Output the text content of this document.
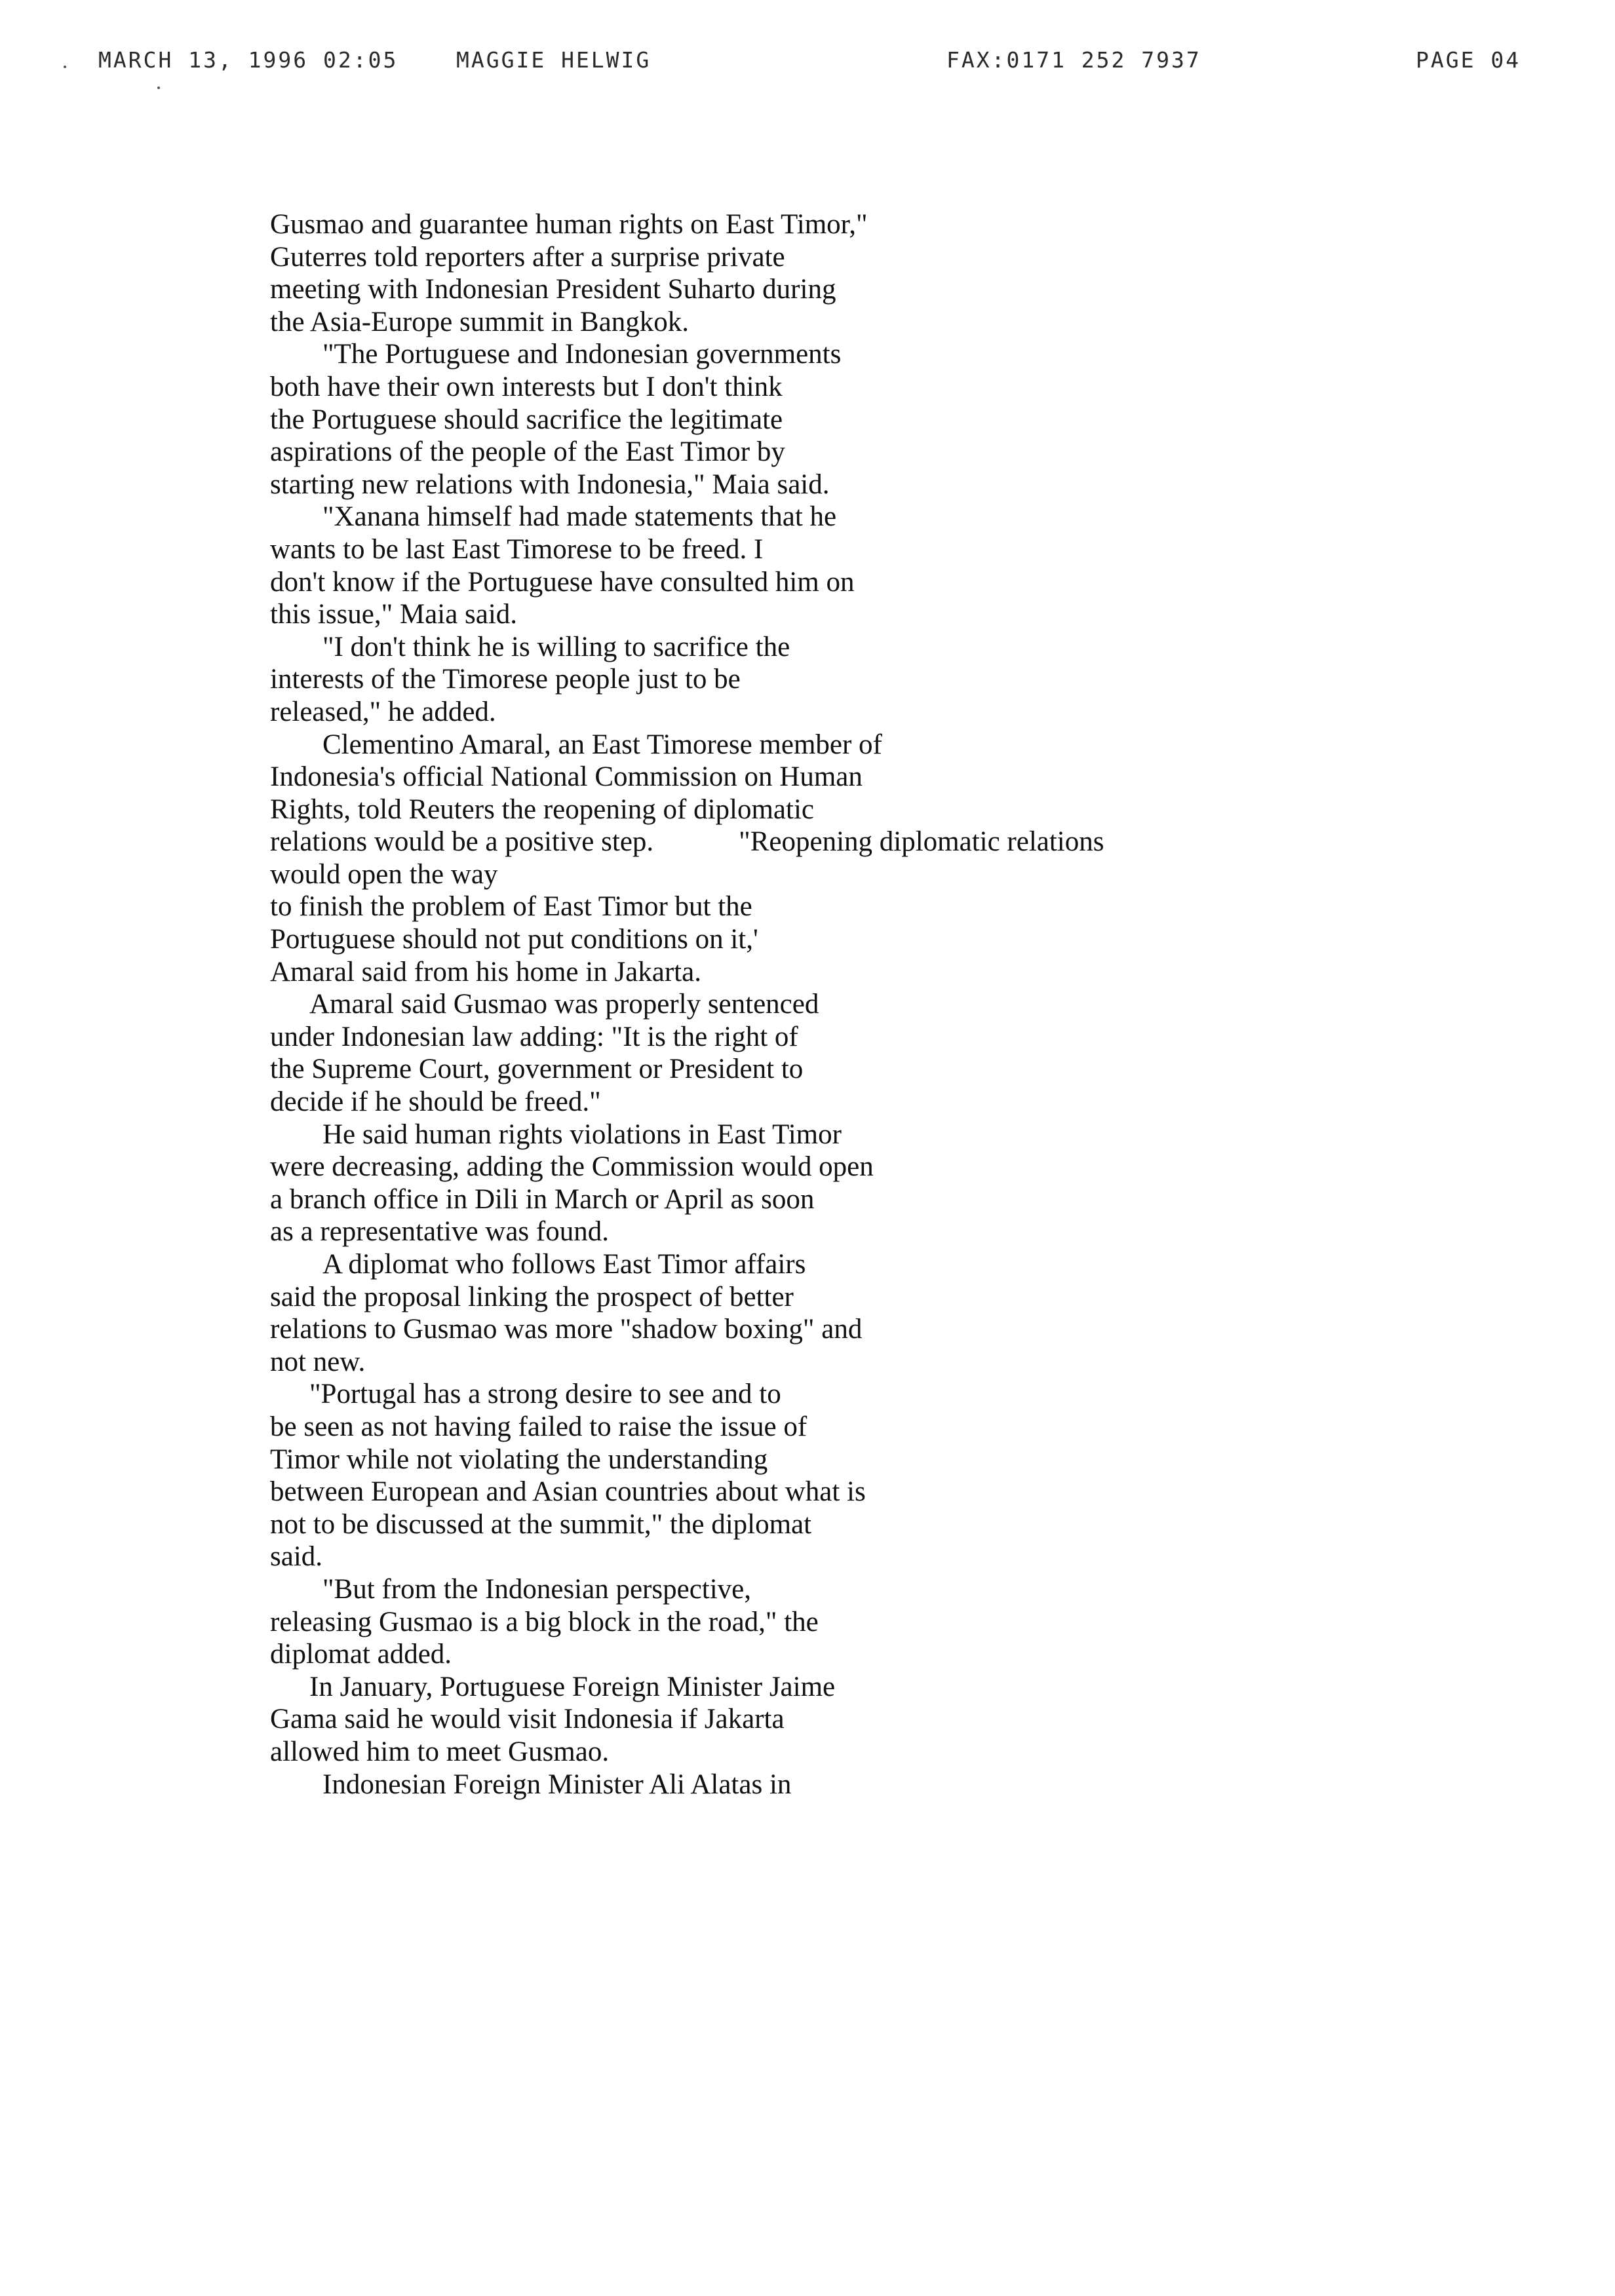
MARCH 13, 1996 02:05	MAGGIE HELWIG	FAX:0171 252 7937	PAGE 04
Gusmao and guarantee human rights on East Timor,"
Guterres told reporters after a surprise private
meeting with Indonesian President Suharto during
the Asia-Europe summit in Bangkok.
"The Portuguese and Indonesian governments
both have their own interests but I don't think
the Portuguese should sacrifice the legitimate
aspirations of the people of the East Timor by
starting new relations with Indonesia," Maia said.
"Xanana himself had made statements that he
wants to be last East Timorese to be freed. I
don't know if the Portuguese have consulted him on
this issue," Maia said.
"I don't think he is willing to sacrifice the
interests of the Timorese people just to be
released," he added.
Clementino Amaral, an East Timorese member of
Indonesia's official National Commission on Human
Rights, told Reuters the reopening of diplomatic
relations would be a positive step.	"Reopening diplomatic relations
would open the way
to finish the problem of East Timor but the
Portuguese should not put conditions on it,'
Amaral said from his home in Jakarta.
Amaral said Gusmao was properly sentenced
under Indonesian law adding: "It is the right of
the Supreme Court, government or President to
decide if he should be freed."
He said human rights violations in East Timor
were decreasing, adding the Commission would open
a branch office in Dili in March or April as soon
as a representative was found.
A diplomat who follows East Timor affairs
said the proposal linking the prospect of better
relations to Gusmao was more "shadow boxing" and
not new.
"Portugal has a strong desire to see and to
be seen as not having failed to raise the issue of
Timor while not violating the understanding
between European and Asian countries about what is
not to be discussed at the summit," the diplomat
said.
"But from the Indonesian perspective,
releasing Gusmao is a big block in the road," the
diplomat added.
In January, Portuguese Foreign Minister Jaime
Gama said he would visit Indonesia if Jakarta
allowed him to meet Gusmao.
Indonesian Foreign Minister Ali Alatas in
